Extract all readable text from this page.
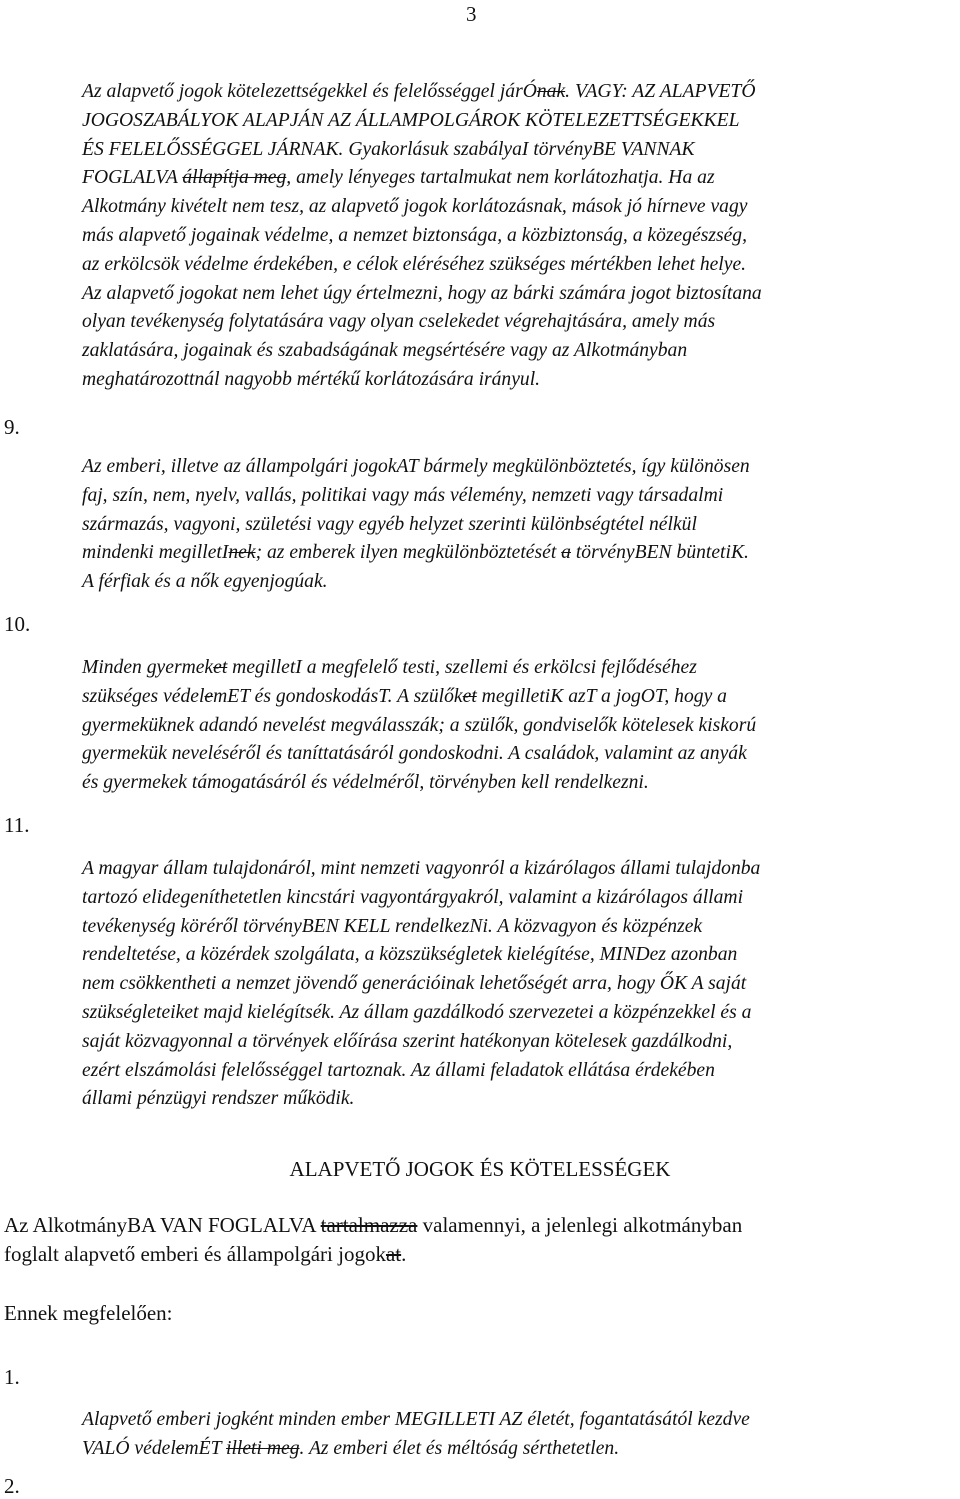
3

Az alapvető jogok kötelezettségekkel és felelősséggel járÓnak. VAGY: AZ ALAPVETŐ
JOGOSZABÁLYOK ALAPJÁN AZ ÁLLAMPOLGÁROK KÖTELEZETTSÉGEKKEL
ÉS FELELŐSSÉGGEL JÁRNAK. Gyakorlásuk szabályaI törvényBE VANNAK
FOGLALVA állapítja meg, amely lényeges tartalmukat nem korlátozhatja. Ha az
Alkotmány kivételt nem tesz, az alapvető jogok korlátozásnak, mások jó hírneve vagy
más alapvető jogainak védelme, a nemzet biztonsága, a közbiztonság, a közegészség,
az erkölcsök védelme érdekében, e célok eléréséhez szükséges mértékben lehet helye.
Az alapvető jogokat nem lehet úgy értelmezni, hogy az bárki számára jogot biztosítana
olyan tevékenység folytatására vagy olyan cselekedet végrehajtására, amely más
zaklatására, jogainak és szabadságának megsértésére vagy az Alkotmányban
meghatározottnál nagyobb mértékű korlátozására irányul.

9.

Az emberi, illetve az állampolgári jogokAT bármely megkülönböztetés, így különösen
faj, szín, nem, nyelv, vallás, politikai vagy más vélemény, nemzeti vagy társadalmi
származás, vagyoni, születési vagy egyéb helyzet szerinti különbségtétel nélkül
mindenki megilletInek; az emberek ilyen megkülönböztetését a törvényBEN büntetiK.
A férfiak és a nők egyenjogúak.

10.

Minden gyermeket megilletI a megfelelő testi, szellemi és erkölcsi fejlődéséhez
szükséges védelemET és gondoskodásT. A szülőket megilletiK azT a jogOT, hogy a
gyermeküknek adandó nevelést megválasszák; a szülők, gondviselők kötelesek kiskorú
gyermekük neveléséről és taníttatásáról gondoskodni. A családok, valamint az anyák
és gyermekek támogatásáról és védelméről, törvényben kell rendelkezni.

11.

A magyar állam tulajdonáról, mint nemzeti vagyonról a kizárólagos állami tulajdonba
tartozó elidegeníthetetlen kincstári vagyontárgyakról, valamint a kizárólagos állami
tevékenység köréről törvényBEN KELL rendelkezNi. A közvagyon és közpénzek
rendeltetése, a közérdek szolgálata, a közszükségletek kielégítése, MINDez azonban
nem csökkentheti a nemzet jövendő generációinak lehetőségét arra, hogy ŐK A saját
szükségleteiket majd kielégítsék. Az állam gazdálkodó szervezetei a közpénzekkel és a
saját közvagyonnal a törvények előírása szerint hatékonyan kötelesek gazdálkodni,
ezért elszámolási felelősséggel tartoznak. Az állami feladatok ellátása érdekében
állami pénzügyi rendszer működik.

ALAPVETŐ JOGOK ÉS KÖTELESSÉGEK

Az AlkotmányBA VAN FOGLALVA tartalmazza valamennyi, a jelenlegi alkotmányban
foglalt alapvető emberi és állampolgári jogokat.

Ennek megfelelően:
1.

Alapvető emberi jogként minden ember MEGILLETI AZ életét, fogantatásától kezdve
VALÓ védelemÉT illeti meg. Az emberi élet és méltóság sérthetetlen.

2.
